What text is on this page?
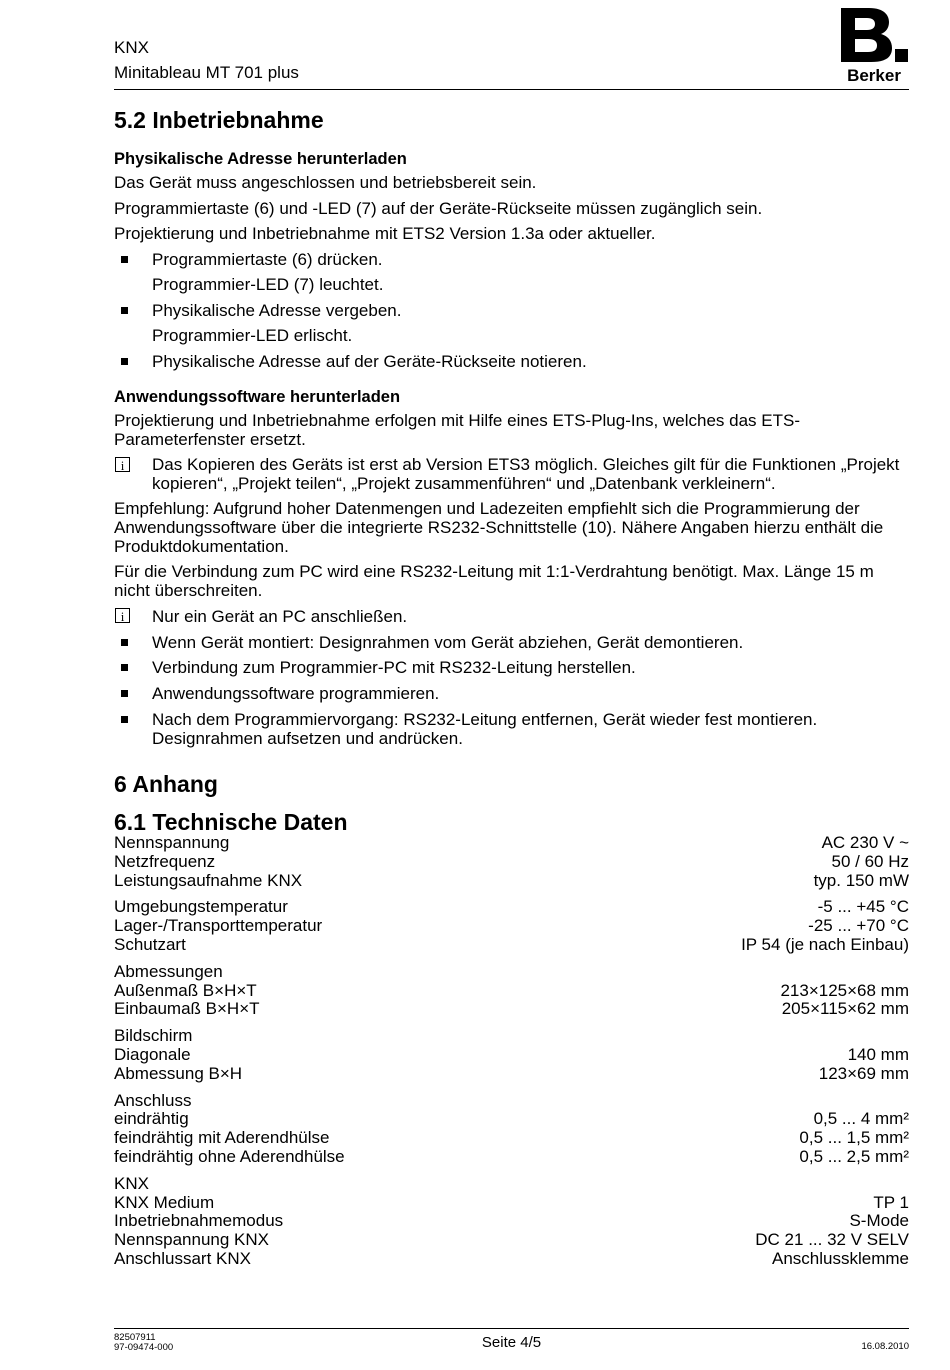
KNX
Minitableau MT 701 plus	Berker
5.2 Inbetriebnahme
Physikalische Adresse herunterladen

Das Gerät muss angeschlossen und betriebsbereit sein.

Programmiertaste (6) und -LED (7) auf der Geräte-Rückseite müssen zugänglich sein.

Projektierung und Inbetriebnahme mit ETS2 Version 1.3a oder aktueller.

Programmiertaste (6) drücken.
Programmier-LED (7) leuchtet.
Physikalische Adresse vergeben.
Programmier-LED erlischt.
Physikalische Adresse auf der Geräte-Rückseite notieren.
Anwendungssoftware herunterladen

Projektierung und Inbetriebnahme erfolgen mit Hilfe eines ETS-Plug-Ins, welches das ETS-Parameterfenster ersetzt.

i	Das Kopieren des Geräts ist erst ab Version ETS3 möglich. Gleiches gilt für die Funktionen „Projekt kopieren“, „Projekt teilen“, „Projekt zusammenführen“ und „Datenbank verkleinern“.

Empfehlung: Aufgrund hoher Datenmengen und Ladezeiten empfiehlt sich die Programmierung der Anwendungssoftware über die integrierte RS232-Schnittstelle (10). Nähere Angaben hierzu enthält die Produktdokumentation.

Für die Verbindung zum PC wird eine RS232-Leitung mit 1:1-Verdrahtung benötigt. Max. Länge 15 m nicht überschreiten.

i	Nur ein Gerät an PC anschließen.
Wenn Gerät montiert: Designrahmen vom Gerät abziehen, Gerät demontieren.
Verbindung zum Programmier-PC mit RS232-Leitung herstellen.
Anwendungssoftware programmieren.
Nach dem Programmiervorgang: RS232-Leitung entfernen, Gerät wieder fest montieren. Designrahmen aufsetzen und andrücken.
6 Anhang
6.1 Technische Daten
Nennspannung	AC 230 V ~
Netzfrequenz	50 / 60 Hz
Leistungsaufnahme KNX	typ. 150 mW
Umgebungstemperatur	-5 ... +45 °C
Lager-/Transporttemperatur	-25 ... +70 °C
Schutzart	IP 54 (je nach Einbau)
Abmessungen
Außenmaß B×H×T	213×125×68 mm
Einbaumaß B×H×T	205×115×62 mm
Bildschirm
Diagonale	140 mm
Abmessung B×H	123×69 mm
Anschluss
eindrähtig	0,5 ... 4 mm²
feindrähtig mit Aderendhülse	0,5 ... 1,5 mm²
feindrähtig ohne Aderendhülse	0,5 ... 2,5 mm²
KNX
KNX Medium	TP 1
Inbetriebnahmemodus	S-Mode
Nennspannung KNX	DC 21 ... 32 V SELV
Anschlussart KNX	Anschlussklemme
82507911
97-09474-000	Seite 4/5	16.08.2010
